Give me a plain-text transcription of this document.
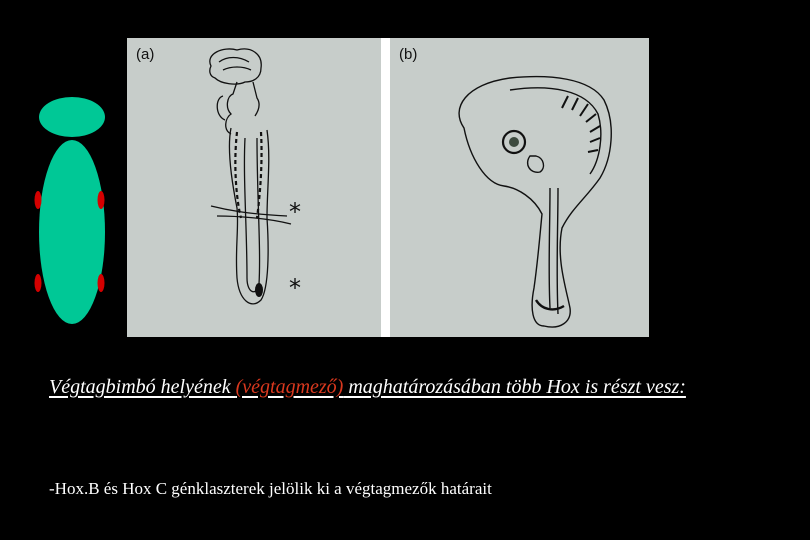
(a)
*
*
(b)

Végtagbimbó helyének (végtagmező) maghatározásában több Hox is részt vesz:

-Hox.B és Hox C génklaszterek jelölik ki a végtagmezők határait
